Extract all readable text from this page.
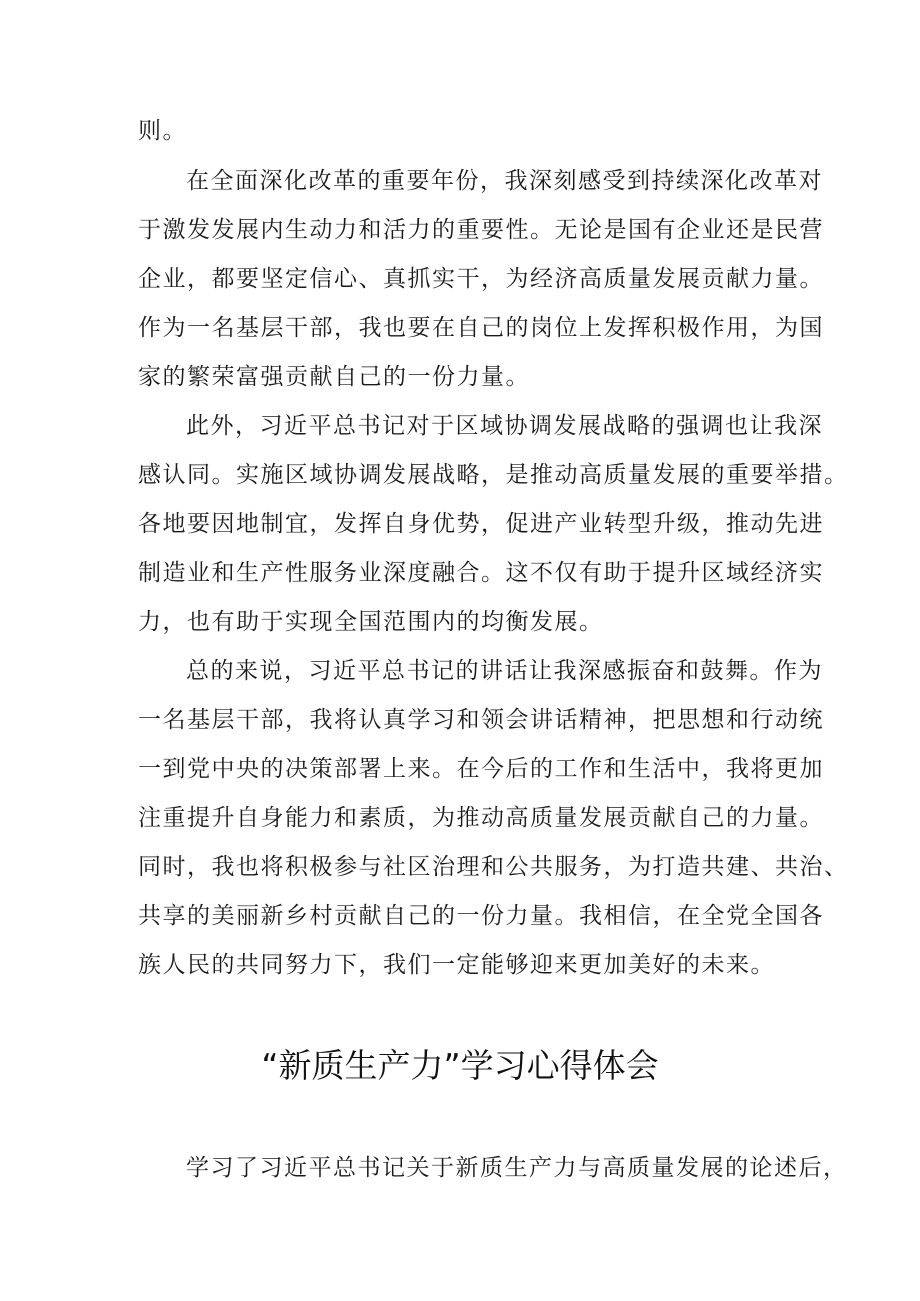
则。
在全面深化改革的重要年份，我深刻感受到持续深化改革对
于激发发展内生动力和活力的重要性。无论是国有企业还是民营
企业，都要坚定信心、真抓实干，为经济高质量发展贡献力量。
作为一名基层干部，我也要在自己的岗位上发挥积极作用，为国
家的繁荣富强贡献自己的一份力量。
此外，习近平总书记对于区域协调发展战略的强调也让我深
感认同。实施区域协调发展战略，是推动高质量发展的重要举措。
各地要因地制宜，发挥自身优势，促进产业转型升级，推动先进
制造业和生产性服务业深度融合。这不仅有助于提升区域经济实
力，也有助于实现全国范围内的均衡发展。
总的来说，习近平总书记的讲话让我深感振奋和鼓舞。作为
一名基层干部，我将认真学习和领会讲话精神，把思想和行动统
一到党中央的决策部署上来。在今后的工作和生活中，我将更加
注重提升自身能力和素质，为推动高质量发展贡献自己的力量。
同时，我也将积极参与社区治理和公共服务，为打造共建、共治、
共享的美丽新乡村贡献自己的一份力量。我相信，在全党全国各
族人民的共同努力下，我们一定能够迎来更加美好的未来。
“新质生产力”学习心得体会
学习了习近平总书记关于新质生产力与高质量发展的论述后，
